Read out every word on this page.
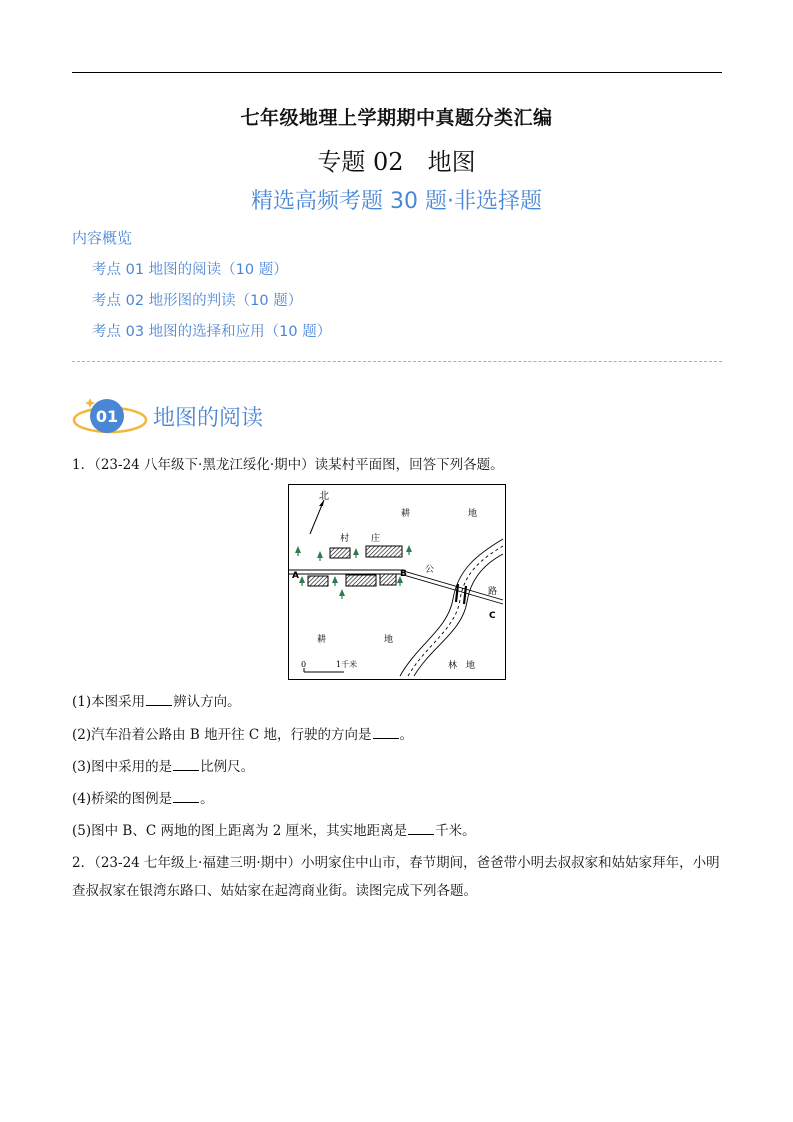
七年级地理上学期期中真题分类汇编
专题 02　地图
精选高频考题 30 题·非选择题
内容概览
考点 01 地图的阅读（10 题）
考点 02 地形图的判读（10 题）
考点 03 地图的选择和应用（10 题）
01 地图的阅读
1．（23-24 八年级下·黑龙江绥化·期中）读某村平面图，回答下列各题。
北
村 庄
耕	地
公
路
A	B
C
耕	地
林 地
0	1千米
(1)本图采用 辨认方向。
(2)汽车沿着公路由 B 地开往 C 地，行驶的方向是 。
(3)图中采用的是 比例尺。
(4)桥梁的图例是 。
(5)图中 B、C 两地的图上距离为 2 厘米，其实地距离是 千米。
2．（23-24 七年级上·福建三明·期中）小明家住中山市，春节期间，爸爸带小明去叔叔家和姑姑家拜年，小明查叔叔家在银湾东路口、姑姑家在起湾商业街。读图完成下列各题。
